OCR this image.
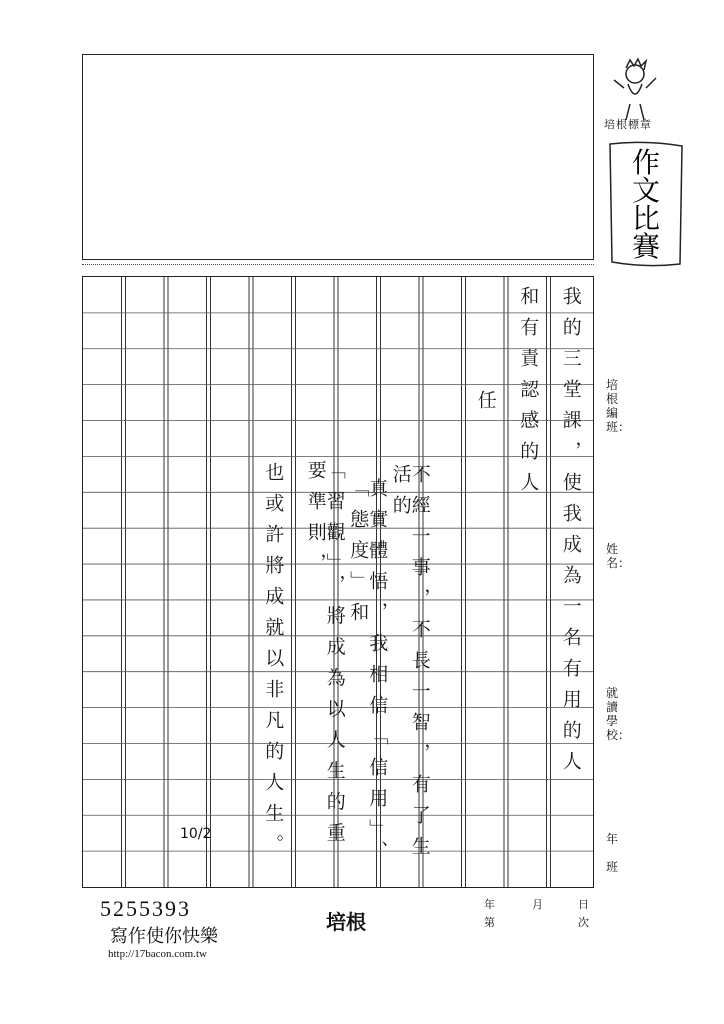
培根標章
作文比賽
培根編班：
姓名：
就讀學校：
年
班
我的三堂課，使我成為一名有用的人
和有責認感的人
任
不經一事，不長一智，有了生活的
真實體悟，我相信「信用」、「態度」和
「習觀」，將成為以人生的重要準則，
也或許將成就以非凡的人生。
10/2
5255393
寫作使你快樂
http://17bacon.com.tw
培根
年	月	日
第	次
